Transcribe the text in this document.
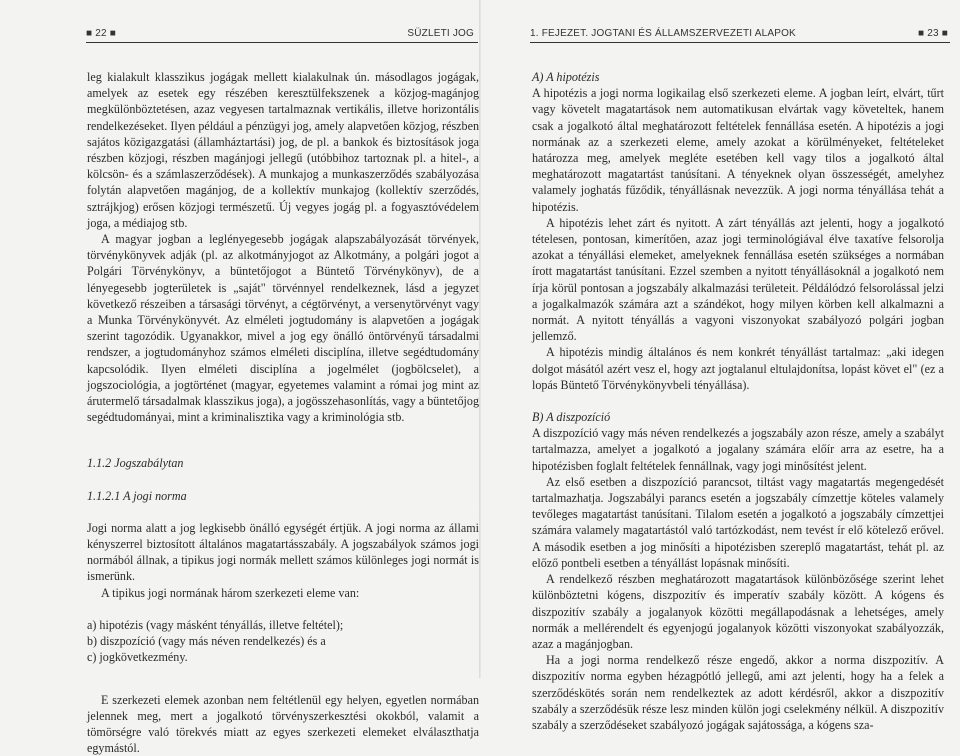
■ 22 ■	SÜZLETI JOG

leg kialakult klasszikus jogágak mellett kialakulnak ún. másodlagos jogágak, amelyek az esetek egy részében keresztülfekszenek a közjog-magánjog megkülönböztetésen, azaz vegyesen tartalmaznak vertikális, illetve horizontális rendelkezéseket. Ilyen például a pénzügyi jog, amely alapvetően közjog, részben sajátos közigazgatási (államháztartási) jog, de pl. a bankok és biztosítások joga részben közjogi, részben magánjogi jellegű (utóbbihoz tartoznak pl. a hitel-, a kölcsön- és a számlaszerződések). A munkajog a munkaszerződés szabályozása folytán alapvetően magánjog, de a kollektív munkajog (kollektív szerződés, sztrájkjog) erősen közjogi természetű. Új vegyes jogág pl. a fogyasztóvédelem joga, a médiajog stb.

A magyar jogban a leglényegesebb jogágak alapszabályozását törvények, törvénykönyvek adják (pl. az alkotmányjogot az Alkotmány, a polgári jogot a Polgári Törvénykönyv, a büntetőjogot a Büntető Törvénykönyv), de a lényegesebb jogterületek is „saját" törvénnyel rendelkeznek, lásd a jegyzet következő részeiben a társasági törvényt, a cégtörvényt, a versenytörvényt vagy a Munka Törvénykönyvét. Az elméleti jogtudomány is alapvetően a jogágak szerint tagozódik. Ugyanakkor, mivel a jog egy önálló öntörvényű társadalmi rendszer, a jogtudományhoz számos elméleti disciplína, illetve segédtudomány kapcsolódik. Ilyen elméleti disciplína a jogelmélet (jogbölcselet), a jogszociológia, a jogtörténet (magyar, egyetemes valamint a római jog mint az árutermelő társadalmak klasszikus joga), a jogösszehasonlítás, vagy a büntetőjog segédtudományai, mint a kriminalisztika vagy a kriminológia stb.

1.1.2 Jogszabálytan

1.1.2.1 A jogi norma

Jogi norma alatt a jog legkisebb önálló egységét értjük. A jogi norma az állami kényszerrel biztosított általános magatartásszabály. A jogszabályok számos jogi normából állnak, a tipikus jogi normák mellett számos különleges jogi normát is ismerünk.

A tipikus jogi normának három szerkezeti eleme van:

a) hipotézis (vagy másként tényállás, illetve feltétel);

b) diszpozíció (vagy más néven rendelkezés) és a

c) jogkövetkezmény.

E szerkezeti elemek azonban nem feltétlenül egy helyen, egyetlen normában jelennek meg, mert a jogalkotó törvényszerkesztési okokból, valamit a tömörségre való törekvés miatt az egyes szerkezeti elemeket elválaszthatja egymástól.

1. FEJEZET. JOGTANI ÉS ÁLLAMSZERVEZETI ALAPOK	■ 23 ■

A) A hipotézis

A hipotézis a jogi norma logikailag első szerkezeti eleme. A jogban leírt, elvárt, tűrt vagy követelt magatartások nem automatikusan elvártak vagy követeltek, hanem csak a jogalkotó által meghatározott feltételek fennállása esetén. A hipotézis a jogi normának az a szerkezeti eleme, amely azokat a körülményeket, feltételeket határozza meg, amelyek megléte esetében kell vagy tilos a jogalkotó által meghatározott magatartást tanúsítani. A tényeknek olyan összességét, amelyhez valamely joghatás fűződik, tényállásnak nevezzük. A jogi norma tényállása tehát a hipotézis.

A hipotézis lehet zárt és nyitott. A zárt tényállás azt jelenti, hogy a jogalkotó tételesen, pontosan, kimerítően, azaz jogi terminológiával élve taxatíve felsorolja azokat a tényállási elemeket, amelyeknek fennállása esetén szükséges a normában írott magatartást tanúsítani. Ezzel szemben a nyitott tényállásoknál a jogalkotó nem írja körül pontosan a jogszabály alkalmazási területeit. Példálódzó felsorolással jelzi a jogalkalmazók számára azt a szándékot, hogy milyen körben kell alkalmazni a normát. A nyitott tényállás a vagyoni viszonyokat szabályozó polgári jogban jellemző.

A hipotézis mindig általános és nem konkrét tényállást tartalmaz: „aki idegen dolgot másától azért vesz el, hogy azt jogtalanul eltulajdonítsa, lopást követ el" (ez a lopás Büntető Törvénykönyvbeli tényállása).

B) A diszpozíció

A diszpozíció vagy más néven rendelkezés a jogszabály azon része, amely a szabályt tartalmazza, amelyet a jogalkotó a jogalany számára előír arra az esetre, ha a hipotézisben foglalt feltételek fennállnak, vagy jogi minősítést jelent.

Az első esetben a diszpozíció parancsot, tiltást vagy magatartás megengedését tartalmazhatja. Jogszabályi parancs esetén a jogszabály címzettje köteles valamely tevőleges magatartást tanúsítani. Tilalom esetén a jogalkotó a jogszabály címzettjei számára valamely magatartástól való tartózkodást, nem tevést ír elő kötelező erővel. A második esetben a jog minősíti a hipotézisben szereplő magatartást, tehát pl. az előző pontbeli esetben a tényállást lopásnak minősíti.

A rendelkező részben meghatározott magatartások különbözősége szerint lehet különböztetni kógens, diszpozitív és imperatív szabály között. A kógens és diszpozitív szabály a jogalanyok közötti megállapodásnak a lehetséges, amely normák a mellérendelt és egyenjogú jogalanyok közötti viszonyokat szabályozzák, azaz a magánjogban.

Ha a jogi norma rendelkező része engedő, akkor a norma diszpozitív. A diszpozitív norma egyben hézagpótló jellegű, ami azt jelenti, hogy ha a felek a szerződéskötés során nem rendelkeztek az adott kérdésről, akkor a diszpozitív szabály a szerződésük része lesz minden külön jogi cselekmény nélkül. A diszpozitív szabály a szerződéseket szabályozó jogágak sajátossága, a kógens sza-
